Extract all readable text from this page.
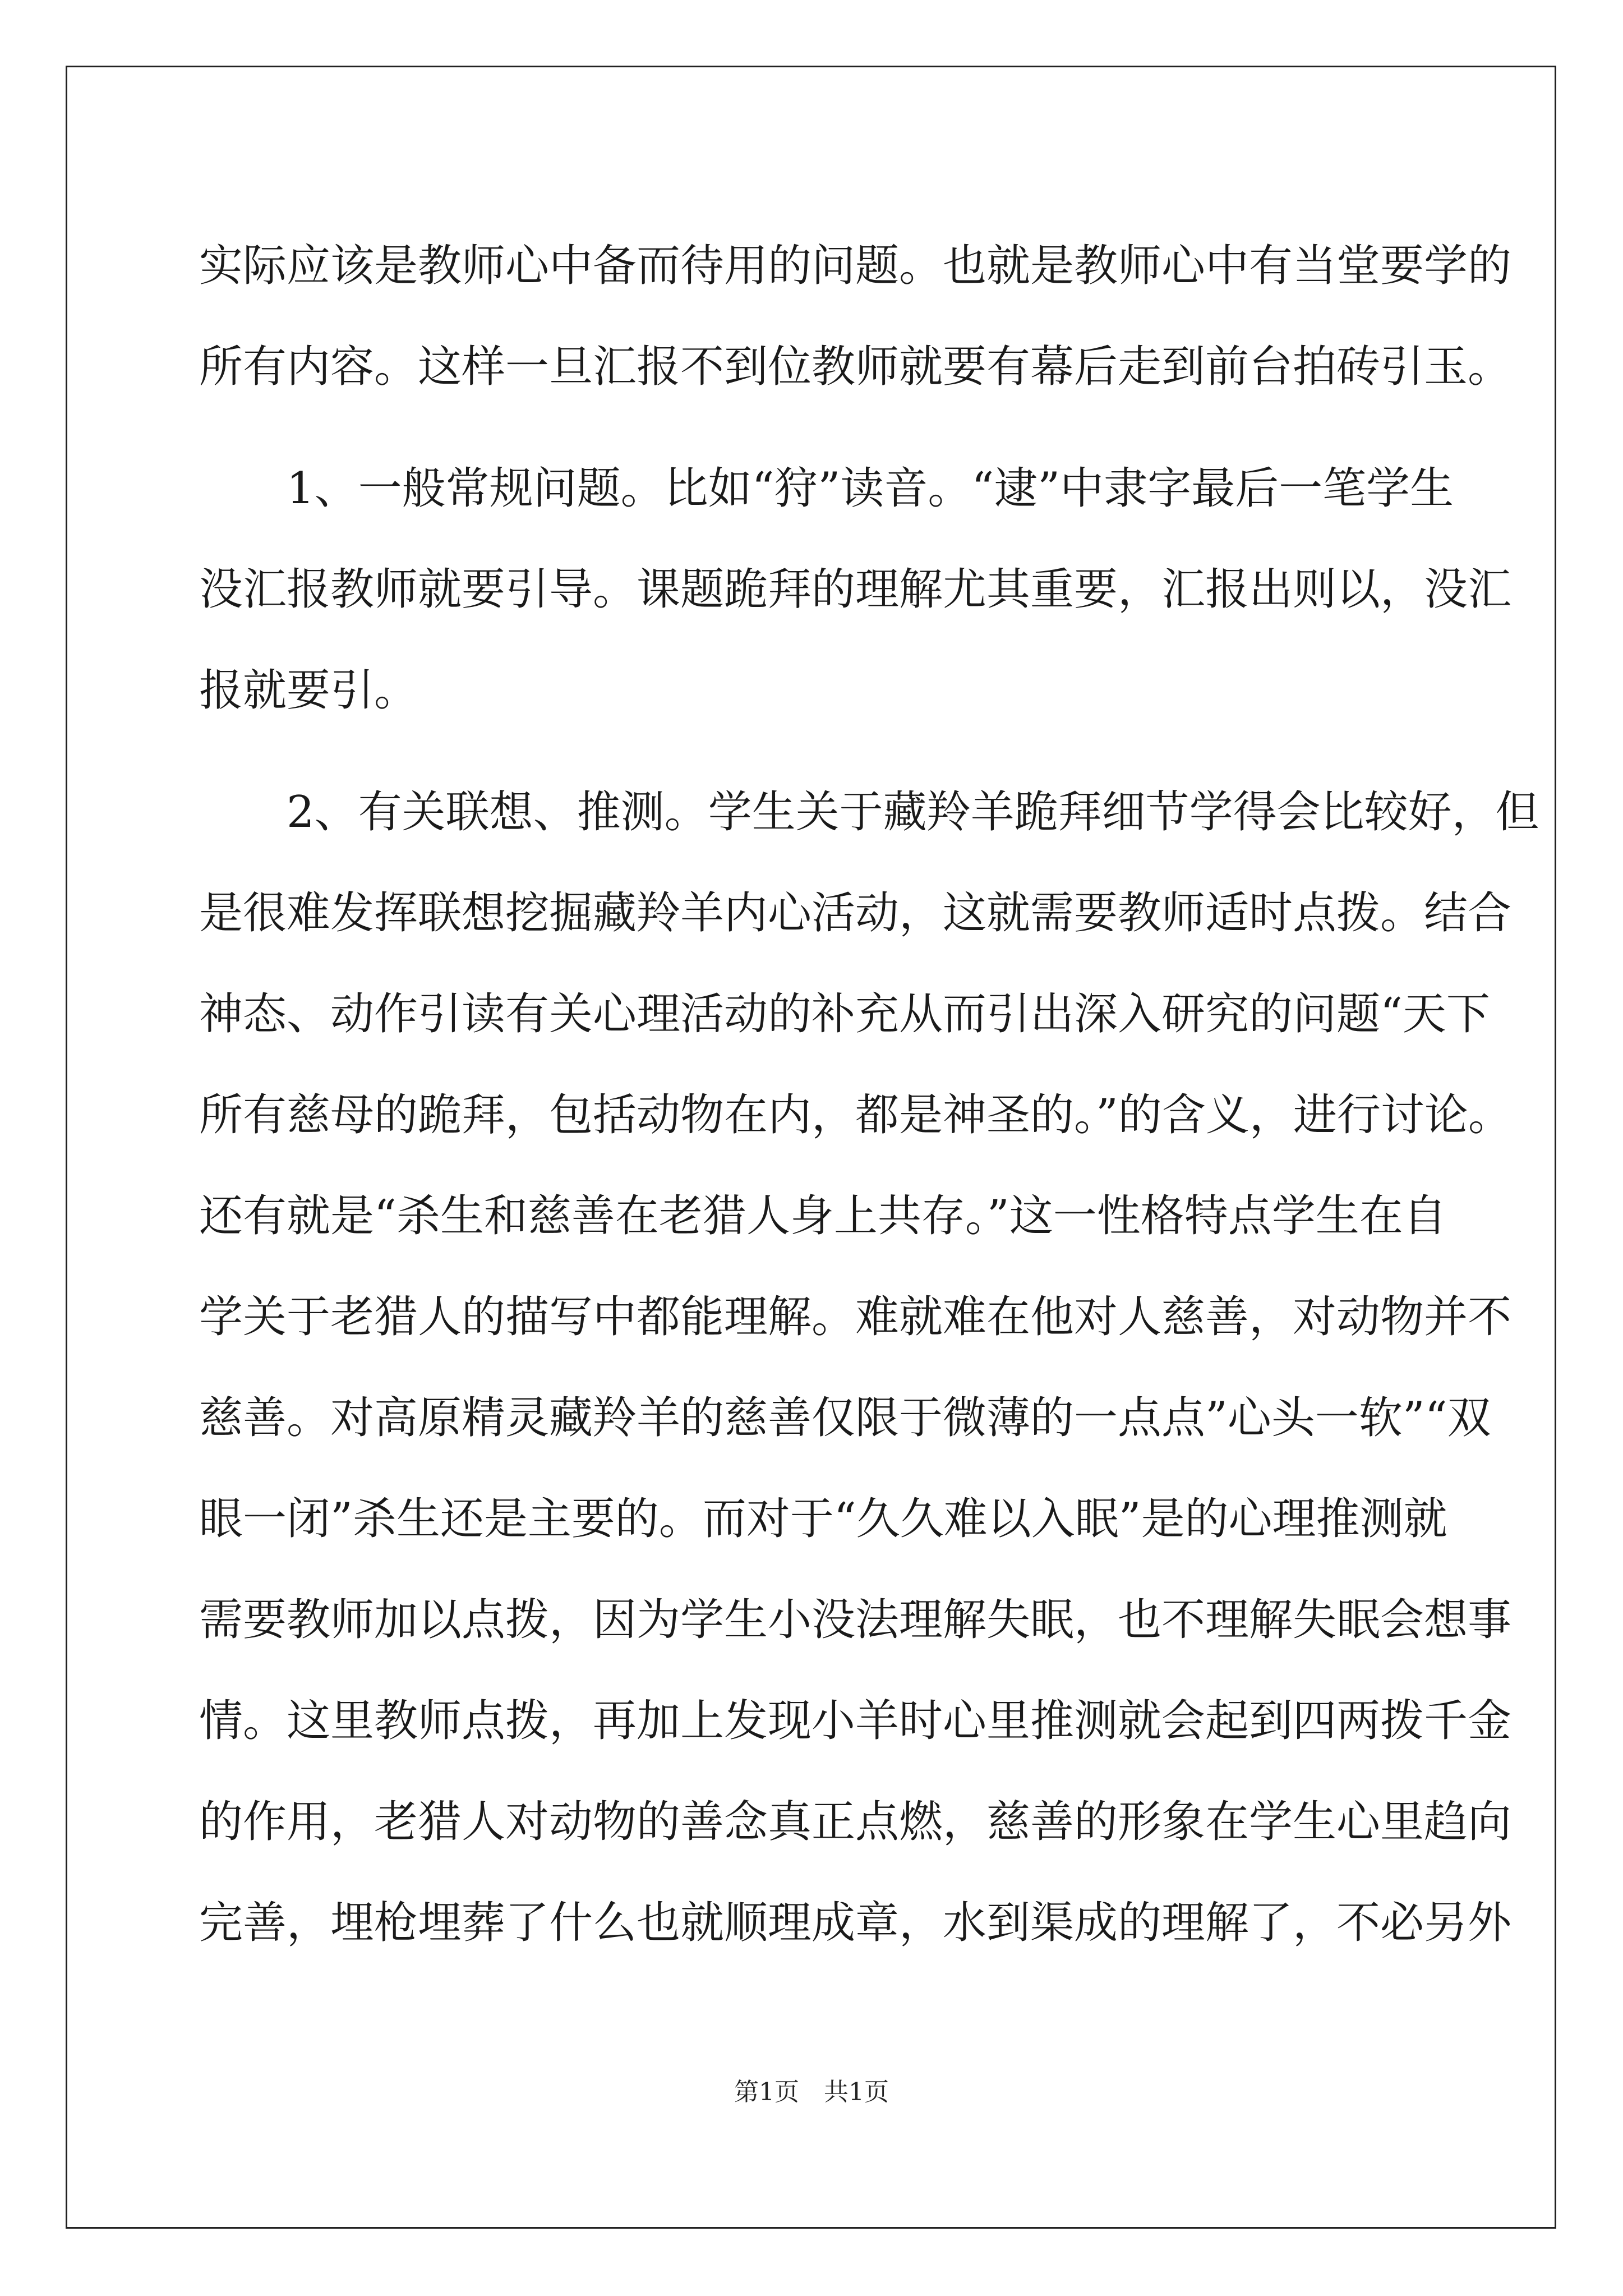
实际应该是教师心中备而待用的问题。也就是教师心中有当堂要学的
所有内容。这样一旦汇报不到位教师就要有幕后走到前台拍砖引玉。
　　1、一般常规问题。比如“狩”读音。“逮”中隶字最后一笔学生
没汇报教师就要引导。课题跪拜的理解尤其重要，汇报出则以，没汇
报就要引。
　　2、有关联想、推测。学生关于藏羚羊跪拜细节学得会比较好，但
是很难发挥联想挖掘藏羚羊内心活动，这就需要教师适时点拨。结合
神态、动作引读有关心理活动的补充从而引出深入研究的问题“天下
所有慈母的跪拜，包括动物在内，都是神圣的。”的含义，进行讨论。
还有就是“杀生和慈善在老猎人身上共存。”这一性格特点学生在自
学关于老猎人的描写中都能理解。难就难在他对人慈善，对动物并不
慈善。对高原精灵藏羚羊的慈善仅限于微薄的一点点”心头一软”“双
眼一闭”杀生还是主要的。而对于“久久难以入眠”是的心理推测就
需要教师加以点拨，因为学生小没法理解失眠，也不理解失眠会想事
情。这里教师点拨，再加上发现小羊时心里推测就会起到四两拨千金
的作用，老猎人对动物的善念真正点燃，慈善的形象在学生心里趋向
完善，埋枪埋葬了什么也就顺理成章，水到渠成的理解了，不必另外
第1页　共1页
